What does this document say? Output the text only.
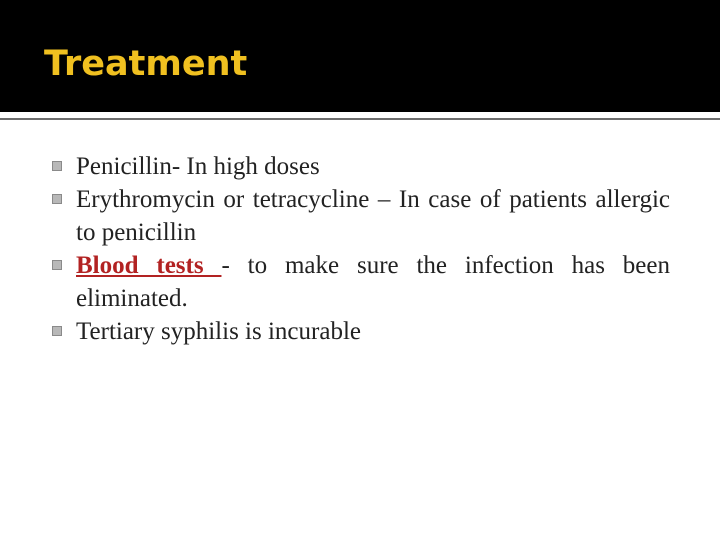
Treatment
Penicillin- In high doses
Erythromycin or tetracycline – In case of patients allergic to penicillin
Blood tests - to make sure the infection has been eliminated.
Tertiary syphilis is incurable
